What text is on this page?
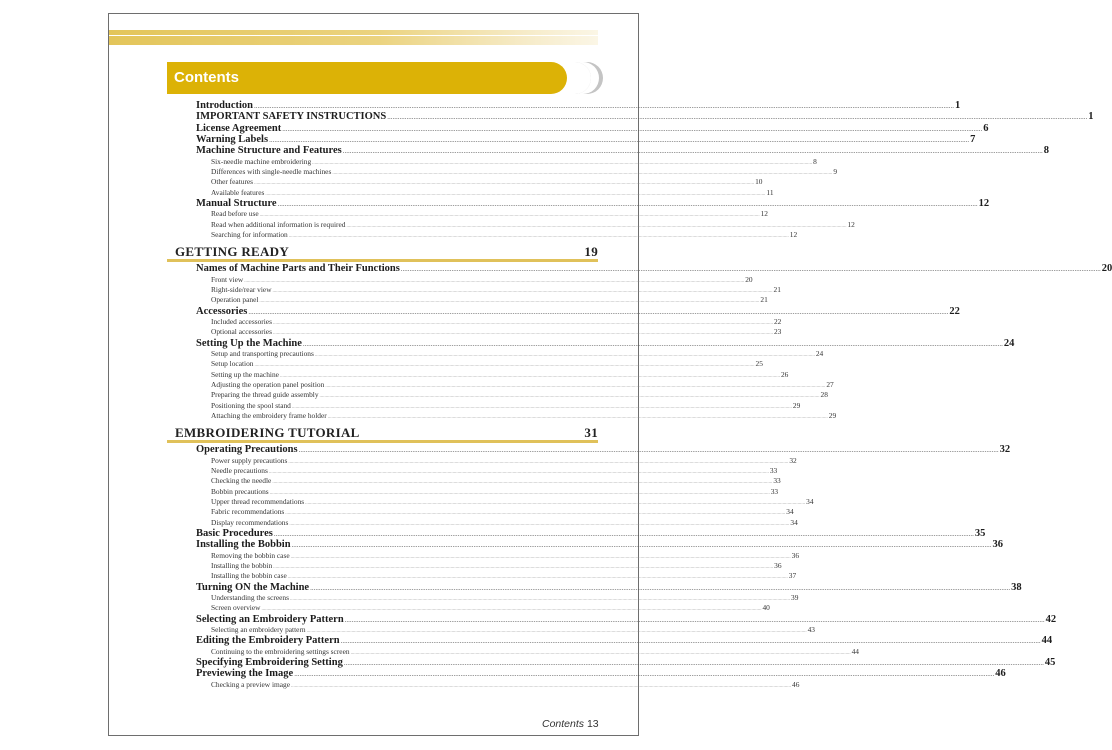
Contents
Introduction ................................................................................................................................................................................................................................................................................................................................................................................................................ 1
IMPORTANT SAFETY INSTRUCTIONS ................................................................................................................................................................................................................................................................................................................................................................................................................ 1
License Agreement ................................................................................................................................................................................................................................................................................................................................................................................................................ 6
Warning Labels ................................................................................................................................................................................................................................................................................................................................................................................................................ 7
Machine Structure and Features ................................................................................................................................................................................................................................................................................................................................................................................................................ 8
Six-needle machine embroidering ................................................................................................................................................................................................................................................................................................................................................................................................................ 8
Differences with single-needle machines ................................................................................................................................................................................................................................................................................................................................................................................................................ 9
Other features ................................................................................................................................................................................................................................................................................................................................................................................................................ 10
Available features ................................................................................................................................................................................................................................................................................................................................................................................................................ 11
Manual Structure ................................................................................................................................................................................................................................................................................................................................................................................................................ 12
Read before use ................................................................................................................................................................................................................................................................................................................................................................................................................ 12
Read when additional information is required ................................................................................................................................................................................................................................................................................................................................................................................................................ 12
Searching for information ................................................................................................................................................................................................................................................................................................................................................................................................................ 12
GETTING READY	19
Names of Machine Parts and Their Functions ................................................................................................................................................................................................................................................................................................................................................................................................................ 20
Front view ................................................................................................................................................................................................................................................................................................................................................................................................................ 20
Right-side/rear view ................................................................................................................................................................................................................................................................................................................................................................................................................ 21
Operation panel ................................................................................................................................................................................................................................................................................................................................................................................................................ 21
Accessories ................................................................................................................................................................................................................................................................................................................................................................................................................ 22
Included accessories ................................................................................................................................................................................................................................................................................................................................................................................................................ 22
Optional accessories ................................................................................................................................................................................................................................................................................................................................................................................................................ 23
Setting Up the Machine ................................................................................................................................................................................................................................................................................................................................................................................................................ 24
Setup and transporting precautions ................................................................................................................................................................................................................................................................................................................................................................................................................ 24
Setup location ................................................................................................................................................................................................................................................................................................................................................................................................................ 25
Setting up the machine ................................................................................................................................................................................................................................................................................................................................................................................................................ 26
Adjusting the operation panel position ................................................................................................................................................................................................................................................................................................................................................................................................................ 27
Preparing the thread guide assembly ................................................................................................................................................................................................................................................................................................................................................................................................................ 28
Positioning the spool stand ................................................................................................................................................................................................................................................................................................................................................................................................................ 29
Attaching the embroidery frame holder ................................................................................................................................................................................................................................................................................................................................................................................................................ 29
EMBROIDERING TUTORIAL	31
Operating Precautions ................................................................................................................................................................................................................................................................................................................................................................................................................ 32
Power supply precautions ................................................................................................................................................................................................................................................................................................................................................................................................................ 32
Needle precautions ................................................................................................................................................................................................................................................................................................................................................................................................................ 33
Checking the needle ................................................................................................................................................................................................................................................................................................................................................................................................................ 33
Bobbin precautions ................................................................................................................................................................................................................................................................................................................................................................................................................ 33
Upper thread recommendations ................................................................................................................................................................................................................................................................................................................................................................................................................ 34
Fabric recommendations ................................................................................................................................................................................................................................................................................................................................................................................................................ 34
Display recommendations ................................................................................................................................................................................................................................................................................................................................................................................................................ 34
Basic Procedures ................................................................................................................................................................................................................................................................................................................................................................................................................ 35
Installing the Bobbin ................................................................................................................................................................................................................................................................................................................................................................................................................ 36
Removing the bobbin case ................................................................................................................................................................................................................................................................................................................................................................................................................ 36
Installing the bobbin ................................................................................................................................................................................................................................................................................................................................................................................................................ 36
Installing the bobbin case ................................................................................................................................................................................................................................................................................................................................................................................................................ 37
Turning ON the Machine ................................................................................................................................................................................................................................................................................................................................................................................................................ 38
Understanding the screens ................................................................................................................................................................................................................................................................................................................................................................................................................ 39
Screen overview ................................................................................................................................................................................................................................................................................................................................................................................................................ 40
Selecting an Embroidery Pattern ................................................................................................................................................................................................................................................................................................................................................................................................................ 42
Selecting an embroidery pattern ................................................................................................................................................................................................................................................................................................................................................................................................................ 43
Editing the Embroidery Pattern ................................................................................................................................................................................................................................................................................................................................................................................................................ 44
Continuing to the embroidering settings screen ................................................................................................................................................................................................................................................................................................................................................................................................................ 44
Specifying Embroidering Setting ................................................................................................................................................................................................................................................................................................................................................................................................................ 45
Previewing the Image ................................................................................................................................................................................................................................................................................................................................................................................................................ 46
Checking a preview image ................................................................................................................................................................................................................................................................................................................................................................................................................ 46
Contents 13
